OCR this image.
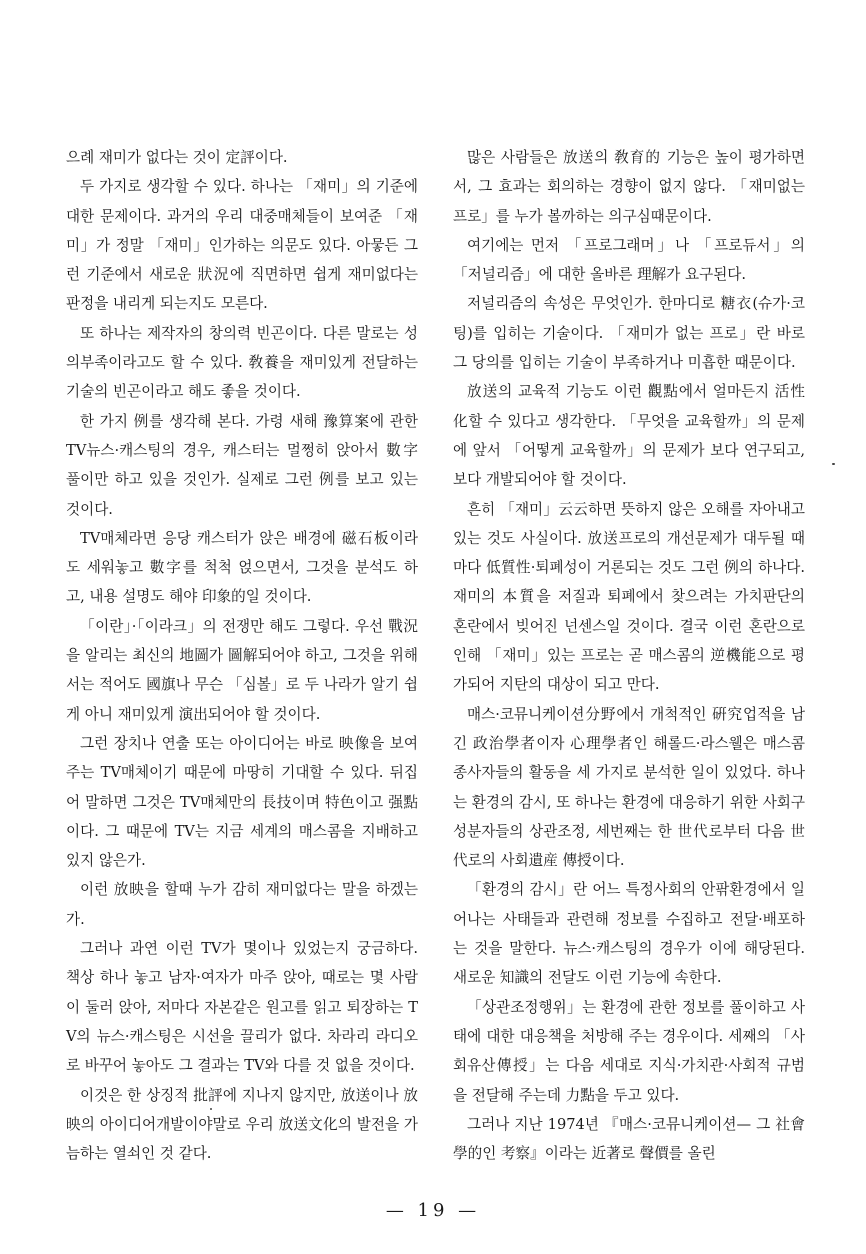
으례 재미가 없다는 것이 定評이다.

두 가지로 생각할 수 있다. 하나는 「재미」의 기준에 대한 문제이다. 과거의 우리 대중매체들이 보여준 「재미」가 정말 「재미」인가하는 의문도 있다. 아뭏든 그런 기준에서 새로운 狀況에 직면하면 쉽게 재미없다는 판정을 내리게 되는지도 모른다.

또 하나는 제작자의 창의력 빈곤이다. 다른 말로는 성의부족이라고도 할 수 있다. 敎養을 재미있게 전달하는 기술의 빈곤이라고 해도 좋을 것이다.

한 가지 例를 생각해 본다. 가령 새해 豫算案에 관한 TV뉴스·캐스팅의 경우, 캐스터는 멀쩡히 앉아서 數字 풀이만 하고 있을 것인가. 실제로 그런 例를 보고 있는 것이다.

TV매체라면 응당 캐스터가 앉은 배경에 磁石板이라도 세워놓고 數字를 척척 얹으면서, 그것을 분석도 하고, 내용 설명도 해야 印象的일 것이다.

「이란」·「이라크」의 전쟁만 해도 그렇다. 우선 戰況을 알리는 최신의 地圖가 圖解되어야 하고, 그것을 위해서는 적어도 國旗나 무슨 「심볼」로 두 나라가 알기 쉽게 아니 재미있게 演出되어야 할 것이다.

그런 장치나 연출 또는 아이디어는 바로 映像을 보여주는 TV매체이기 때문에 마땅히 기대할 수 있다. 뒤집어 말하면 그것은 TV매체만의 長技이며 特色이고 强點이다. 그 때문에 TV는 지금 세계의 매스콤을 지배하고 있지 않은가.

이런 放映을 할때 누가 감히 재미없다는 말을 하겠는가.

그러나 과연 이런 TV가 몇이나 있었는지 궁금하다. 책상 하나 놓고 남자·여자가 마주 앉아, 때로는 몇 사람이 둘러 앉아, 저마다 자본같은 원고를 읽고 퇴장하는 TV의 뉴스·캐스팅은 시선을 끌리가 없다. 차라리 라디오로 바꾸어 놓아도 그 결과는 TV와 다를 것 없을 것이다.

이것은 한 상징적 批評에 지나지 않지만, 放送이나 放映의 아이디어개발이야말로 우리 放送文化의 발전을 가늠하는 열쇠인 것 같다.

많은 사람들은 放送의 敎育的 기능은 높이 평가하면서, 그 효과는 회의하는 경향이 없지 않다. 「재미없는 프로」를 누가 볼까하는 의구심때문이다.

여기에는 먼저 「프로그래머」나 「프로듀서」의 「저널리즘」에 대한 올바른 理解가 요구된다.

저널리즘의 속성은 무엇인가. 한마디로 糖衣(슈가·코팅)를 입히는 기술이다. 「재미가 없는 프로」란 바로 그 당의를 입히는 기술이 부족하거나 미흡한 때문이다.

放送의 교육적 기능도 이런 觀點에서 얼마든지 活性化할 수 있다고 생각한다. 「무엇을 교육할까」의 문제에 앞서 「어떻게 교육할까」의 문제가 보다 연구되고, 보다 개발되어야 할 것이다.

흔히 「재미」云云하면 뜻하지 않은 오해를 자아내고 있는 것도 사실이다. 放送프로의 개선문제가 대두될 때마다 低質性·퇴폐성이 거론되는 것도 그런 例의 하나다. 재미의 本質을 저질과 퇴폐에서 찾으려는 가치판단의 혼란에서 빚어진 넌센스일 것이다. 결국 이런 혼란으로 인해 「재미」있는 프로는 곧 매스콤의 逆機能으로 평가되어 지탄의 대상이 되고 만다.

매스·코뮤니케이션分野에서 개척적인 硏究업적을 남긴 政治學者이자 心理學者인 해롤드·라스웰은 매스콤 종사자들의 활동을 세 가지로 분석한 일이 있었다. 하나는 환경의 감시, 또 하나는 환경에 대응하기 위한 사회구성분자들의 상관조정, 세번째는 한 世代로부터 다음 世代로의 사회遺産 傳授이다.

「환경의 감시」란 어느 특정사회의 안팎환경에서 일어나는 사태들과 관련해 정보를 수집하고 전달·배포하는 것을 말한다. 뉴스·캐스팅의 경우가 이에 해당된다. 새로운 知識의 전달도 이런 기능에 속한다.

「상관조정행위」는 환경에 관한 정보를 풀이하고 사태에 대한 대응책을 처방해 주는 경우이다. 세째의 「사회유산傳授」는 다음 세대로 지식·가치관·사회적 규범을 전달해 주는데 力點을 두고 있다.

그러나 지난 1974년 『매스·코뮤니케이션— 그 社會學的인 考察』이라는 近著로 聲價를 올린

— 19 —
